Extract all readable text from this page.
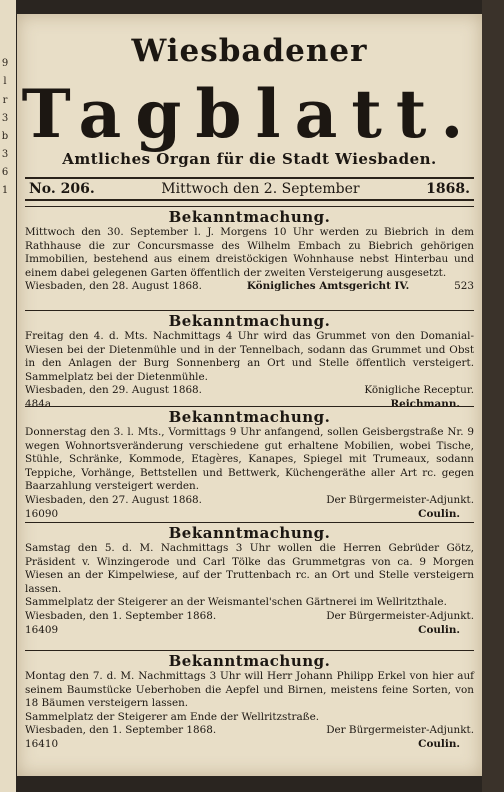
9
l
r
3
b
3
6
1
Wiesbadener
Tagblatt.
Amtliches Organ für die Stadt Wiesbaden.
No. 206.	Mittwoch den 2. September	1868.
Bekanntmachung.

Mittwoch den 30. September l. J. Morgens 10 Uhr werden zu Biebrich in dem Rathhause die zur Concursmasse des Wilhelm Embach zu Biebrich gehörigen Immobilien, bestehend aus einem dreistöckigen Wohnhause nebst Hinterbau und einem dabei gelegenen Garten öffentlich der zweiten Versteigerung ausgesetzt.

Wiesbaden, den 28. August 1868.	Königliches Amtsgericht IV.	523
Bekanntmachung.

Freitag den 4. d. Mts. Nachmittags 4 Uhr wird das Grummet von den Domanial-Wiesen bei der Dietenmühle und in der Tennelbach, sodann das Grummet und Obst in den Anlagen der Burg Sonnenberg an Ort und Stelle öffentlich versteigert. Sammelplatz bei der Dietenmühle.

Wiesbaden, den 29. August 1868.	Königliche Receptur.
484a	Reichmann.
Bekanntmachung.

Donnerstag den 3. l. Mts., Vormittags 9 Uhr anfangend, sollen Geisbergstraße Nr. 9 wegen Wohnortsveränderung verschiedene gut erhaltene Mobilien, wobei Tische, Stühle, Schränke, Kommode, Etagères, Kanapes, Spiegel mit Trumeaux, sodann Teppiche, Vorhänge, Bettstellen und Bettwerk, Küchengeräthe aller Art rc. gegen Baarzahlung versteigert werden.

Wiesbaden, den 27. August 1868.	Der Bürgermeister-Adjunkt.
16090	Coulin.
Bekanntmachung.

Samstag den 5. d. M. Nachmittags 3 Uhr wollen die Herren Gebrüder Götz, Präsident v. Winzingerode und Carl Tölke das Grummetgras von ca. 9 Morgen Wiesen an der Kimpelwiese, auf der Truttenbach rc. an Ort und Stelle versteigern lassen.

Sammelplatz der Steigerer an der Weismantel'schen Gärtnerei im Wellritzthale.

Wiesbaden, den 1. September 1868.	Der Bürgermeister-Adjunkt.
16409	Coulin.
Bekanntmachung.

Montag den 7. d. M. Nachmittags 3 Uhr will Herr Johann Philipp Erkel von hier auf seinem Baumstücke Ueberhoben die Aepfel und Birnen, meistens feine Sorten, von 18 Bäumen versteigern lassen.

Sammelplatz der Steigerer am Ende der Wellritzstraße.

Wiesbaden, den 1. September 1868.	Der Bürgermeister-Adjunkt.
16410	Coulin.
